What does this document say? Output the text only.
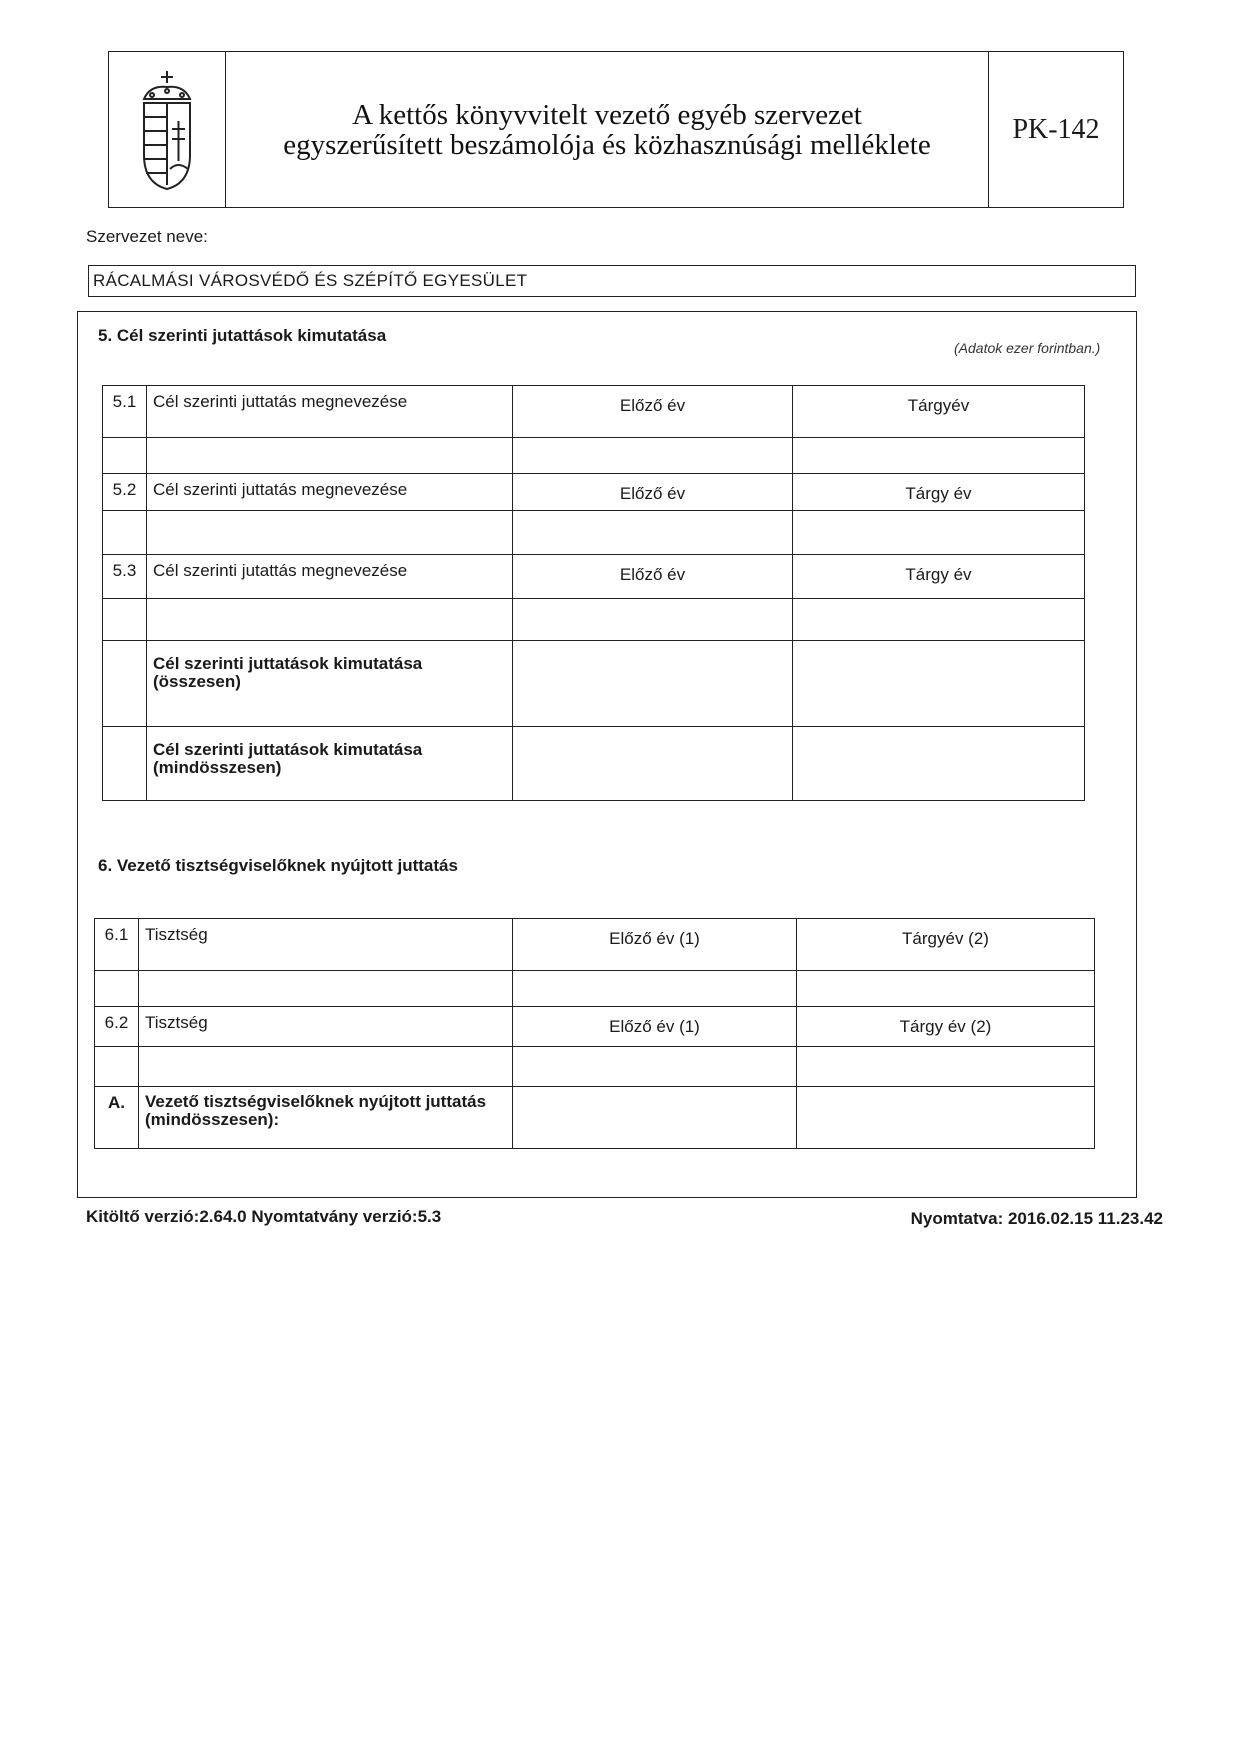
A kettős könyvvitelt vezető egyéb szervezet
egyszerűsített beszámolója és közhasznúsági melléklete	PK-142
Szervezet neve:
RÁCALMÁSI VÁROSVÉDŐ ÉS SZÉPÍTŐ EGYESÜLET
5. Cél szerinti jutattások kimutatása
(Adatok ezer forintban.)
5.1	Cél szerinti juttatás megnevezése	Előző év	Tárgyév

5.2	Cél szerinti juttatás megnevezése	Előző év	Tárgy év

5.3	Cél szerinti jutattás megnevezése	Előző év	Tárgy év

	Cél szerinti juttatások kimutatása (összesen)		
	Cél szerinti juttatások kimutatása (mindösszesen)		
6. Vezető tisztségviselőknek nyújtott juttatás
6.1	Tisztség	Előző év (1)	Tárgyév (2)

6.2	Tisztség	Előző év (1)	Tárgy év (2)

A.	Vezető tisztségviselőknek nyújtott juttatás (mindösszesen):		
Kitöltő verzió:2.64.0 Nyomtatvány verzió:5.3	Nyomtatva: 2016.02.15 11.23.42
